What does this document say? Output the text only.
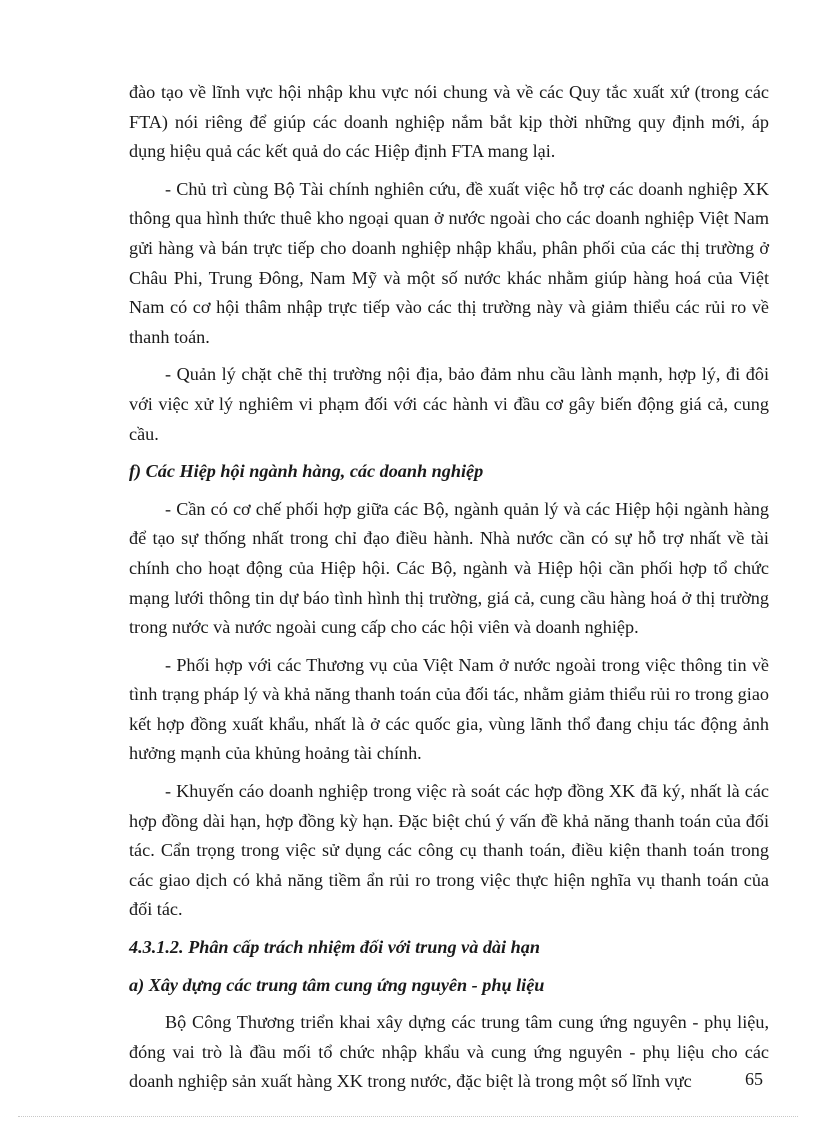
đào tạo về lĩnh vực hội nhập khu vực nói chung và về các Quy tắc xuất xứ (trong các FTA) nói riêng để giúp các doanh nghiệp nắm bắt kịp thời những quy định mới, áp dụng hiệu quả các kết quả do các Hiệp định FTA mang lại.

- Chủ trì cùng Bộ Tài chính nghiên cứu, đề xuất việc hỗ trợ các doanh nghiệp XK thông qua hình thức thuê kho ngoại quan ở nước ngoài cho các doanh nghiệp Việt Nam gửi hàng và bán trực tiếp cho doanh nghiệp nhập khẩu, phân phối của các thị trường ở Châu Phi, Trung Đông, Nam Mỹ và một số nước khác nhằm giúp hàng hoá của Việt Nam có cơ hội thâm nhập trực tiếp vào các thị trường này và giảm thiểu các rủi ro về thanh toán.

- Quản lý chặt chẽ thị trường nội địa, bảo đảm nhu cầu lành mạnh, hợp lý, đi đôi với việc xử lý nghiêm vi phạm đối với các hành vi đầu cơ gây biến động giá cả, cung cầu.

f) Các Hiệp hội ngành hàng, các doanh nghiệp

- Cần có cơ chế phối hợp giữa các Bộ, ngành quản lý và các Hiệp hội ngành hàng để tạo sự thống nhất trong chỉ đạo điều hành. Nhà nước cần có sự hỗ trợ nhất về tài chính cho hoạt động của Hiệp hội. Các Bộ, ngành và Hiệp hội cần phối hợp tổ chức mạng lưới thông tin dự báo tình hình thị trường, giá cả, cung cầu hàng hoá ở thị trường trong nước và nước ngoài cung cấp cho các hội viên và doanh nghiệp.

- Phối hợp với các Thương vụ của Việt Nam ở nước ngoài trong việc thông tin về tình trạng pháp lý và khả năng thanh toán của đối tác, nhằm giảm thiểu rủi ro trong giao kết hợp đồng xuất khẩu, nhất là ở các quốc gia, vùng lãnh thổ đang chịu tác động ảnh hưởng mạnh của khủng hoảng tài chính.

- Khuyến cáo doanh nghiệp trong việc rà soát các hợp đồng XK đã ký, nhất là các hợp đồng dài hạn, hợp đồng kỳ hạn. Đặc biệt chú ý vấn đề khả năng thanh toán của đối tác. Cẩn trọng trong việc sử dụng các công cụ thanh toán, điều kiện thanh toán trong các giao dịch có khả năng tiềm ẩn rủi ro trong việc thực hiện nghĩa vụ thanh toán của đối tác.

4.3.1.2. Phân cấp trách nhiệm đối với trung và dài hạn

a) Xây dựng các trung tâm cung ứng nguyên - phụ liệu

Bộ Công Thương triển khai xây dựng các trung tâm cung ứng nguyên - phụ liệu, đóng vai trò là đầu mối tổ chức nhập khẩu và cung ứng nguyên - phụ liệu cho các doanh nghiệp sản xuất hàng XK trong nước, đặc biệt là trong một số lĩnh vực	65
